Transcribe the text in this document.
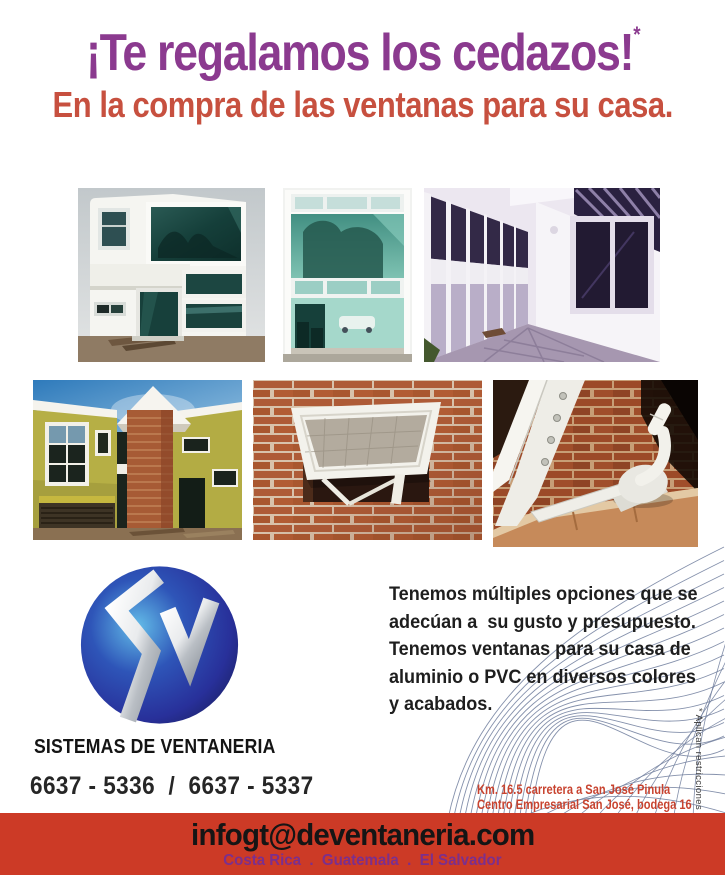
¡Te regalamos los cedazos!*
En la compra de las ventanas para su casa.
SISTEMAS DE VENTANERIA
6637 - 5336  /  6637 - 5337
Tenemos múltiples opciones que se
adecúan a  su gusto y presupuesto.
Tenemos ventanas para su casa de
aluminio o PVC en diversos colores
y acabados.
Km. 16.5 carretera a San José Pinula
Centro Empresarial San José, bodega 16 * Aplican restricciones
infogt@deventaneria.com
Costa Rica  .  Guatemala  .  El Salvador
